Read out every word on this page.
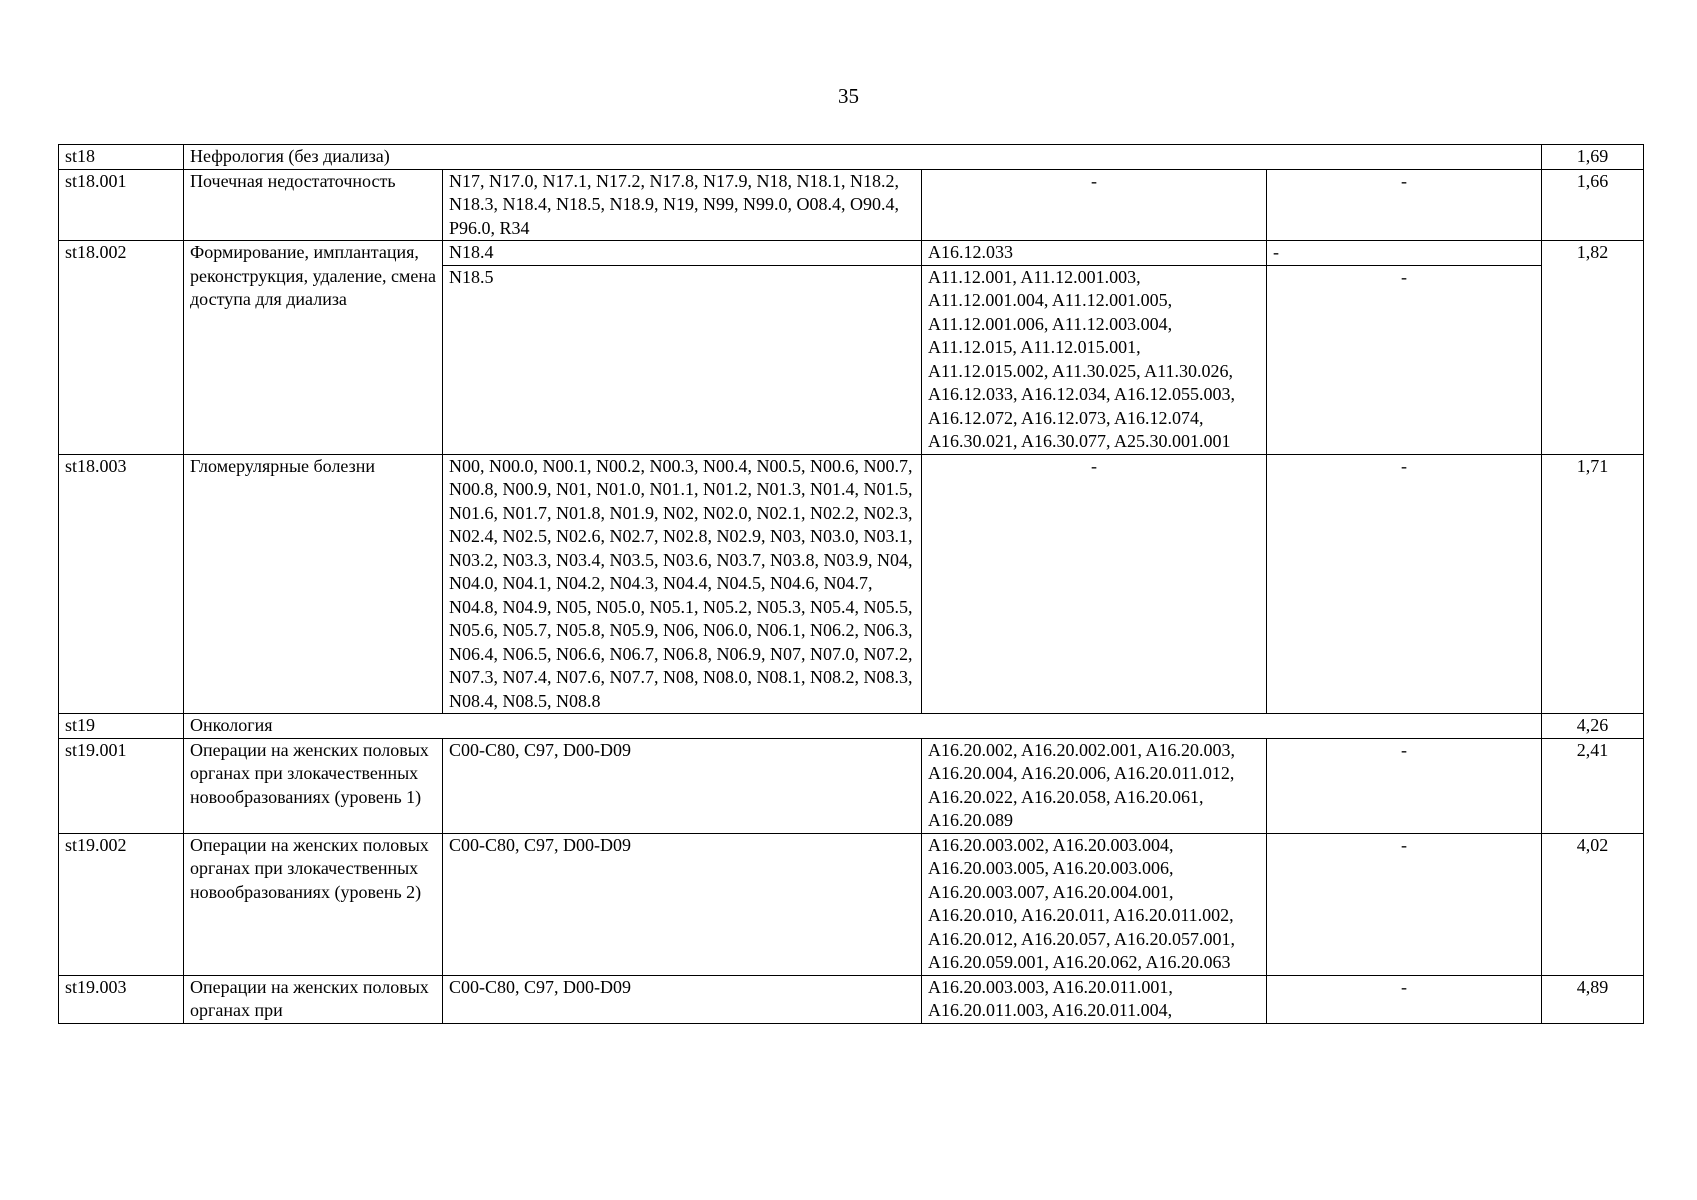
35
st18	Нефрология (без диализа)				1,69
st18.001	Почечная недостаточность	N17, N17.0, N17.1, N17.2, N17.8, N17.9, N18, N18.1, N18.2, N18.3, N18.4, N18.5, N18.9, N19, N99, N99.0, O08.4, O90.4, P96.0, R34	-	-	1,66
st18.002	Формирование, имплантация, реконструкция, удаление, смена доступа для диализа	N18.4	A16.12.033	-	1,82
		N18.5	A11.12.001, A11.12.001.003, A11.12.001.004, A11.12.001.005, A11.12.001.006, A11.12.003.004, A11.12.015, A11.12.015.001, A11.12.015.002, A11.30.025, A11.30.026, A16.12.033, A16.12.034, A16.12.055.003, A16.12.072, A16.12.073, A16.12.074, A16.30.021, A16.30.077, A25.30.001.001	-	
st18.003	Гломерулярные болезни	N00, N00.0, N00.1, N00.2, N00.3, N00.4, N00.5, N00.6, N00.7, N00.8, N00.9, N01, N01.0, N01.1, N01.2, N01.3, N01.4, N01.5, N01.6, N01.7, N01.8, N01.9, N02, N02.0, N02.1, N02.2, N02.3, N02.4, N02.5, N02.6, N02.7, N02.8, N02.9, N03, N03.0, N03.1, N03.2, N03.3, N03.4, N03.5, N03.6, N03.7, N03.8, N03.9, N04, N04.0, N04.1, N04.2, N04.3, N04.4, N04.5, N04.6, N04.7, N04.8, N04.9, N05, N05.0, N05.1, N05.2, N05.3, N05.4, N05.5, N05.6, N05.7, N05.8, N05.9, N06, N06.0, N06.1, N06.2, N06.3, N06.4, N06.5, N06.6, N06.7, N06.8, N06.9, N07, N07.0, N07.2, N07.3, N07.4, N07.6, N07.7, N08, N08.0, N08.1, N08.2, N08.3, N08.4, N08.5, N08.8	-	-	1,71
st19	Онкология				4,26
st19.001	Операции на женских половых органах при злокачественных новообразованиях (уровень 1)	C00-C80, C97, D00-D09	A16.20.002, A16.20.002.001, A16.20.003, A16.20.004, A16.20.006, A16.20.011.012, A16.20.022, A16.20.058, A16.20.061, A16.20.089	-	2,41
st19.002	Операции на женских половых органах при злокачественных новообразованиях (уровень 2)	C00-C80, C97, D00-D09	A16.20.003.002, A16.20.003.004, A16.20.003.005, A16.20.003.006, A16.20.003.007, A16.20.004.001, A16.20.010, A16.20.011, A16.20.011.002, A16.20.012, A16.20.057, A16.20.057.001, A16.20.059.001, A16.20.062, A16.20.063	-	4,02
st19.003	Операции на женских половых органах при	C00-C80, C97, D00-D09	A16.20.003.003, A16.20.011.001, A16.20.011.003, A16.20.011.004,	-	4,89
